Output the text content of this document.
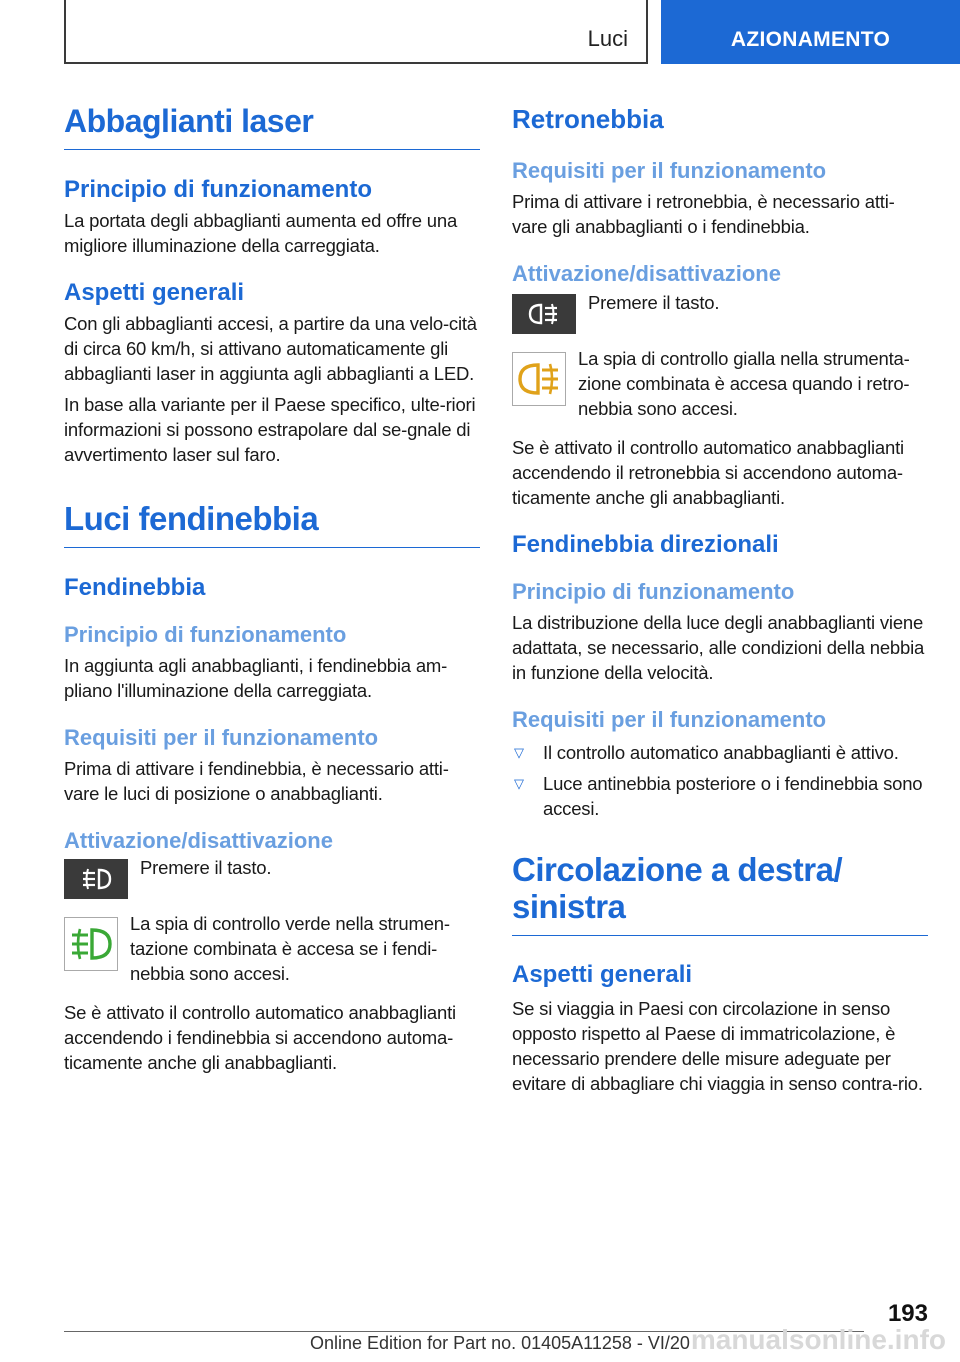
Luci	AZIONAMENTO
Abbaglianti laser
Principio di funzionamento

La portata degli abbaglianti aumenta ed offre una migliore illuminazione della carreggiata.

Aspetti generali

Con gli abbaglianti accesi, a partire da una velo-cità di circa 60 km/h, si attivano automaticamente gli abbaglianti laser in aggiunta agli abbaglianti a LED.

In base alla variante per il Paese specifico, ulte-riori informazioni si possono estrapolare dal se-gnale di avvertimento laser sul faro.

Luci fendinebbia
Fendinebbia
Principio di funzionamento

In aggiunta agli anabbaglianti, i fendinebbia am-pliano l'illuminazione della carreggiata.

Requisiti per il funzionamento

Prima di attivare i fendinebbia, è necessario atti-vare le luci di posizione o anabbaglianti.

Attivazione/disattivazione

Premere il tasto.

La spia di controllo verde nella strumen-tazione combinata è accesa se i fendi-nebbia sono accesi.

Se è attivato il controllo automatico anabbaglianti accendendo i fendinebbia si accendono automa-ticamente anche gli anabbaglianti.

Retronebbia
Requisiti per il funzionamento

Prima di attivare i retronebbia, è necessario atti-vare gli anabbaglianti o i fendinebbia.

Attivazione/disattivazione

Premere il tasto.

La spia di controllo gialla nella strumenta-zione combinata è accesa quando i retro-nebbia sono accesi.

Se è attivato il controllo automatico anabbaglianti accendendo il retronebbia si accendono automa-ticamente anche gli anabbaglianti.

Fendinebbia direzionali
Principio di funzionamento

La distribuzione della luce degli anabbaglianti viene adattata, se necessario, alle condizioni della nebbia in funzione della velocità.

Requisiti per il funzionamento
▽	Il controllo automatico anabbaglianti è attivo.
▽	Luce antinebbia posteriore o i fendinebbia sono accesi.
Circolazione a destra/ sinistra
Aspetti generali

Se si viaggia in Paesi con circolazione in senso opposto rispetto al Paese di immatricolazione, è necessario prendere delle misure adeguate per evitare di abbagliare chi viaggia in senso contra-rio.

193
Online Edition for Part no. 01405A11258 - VI/20 manualsonline.info
